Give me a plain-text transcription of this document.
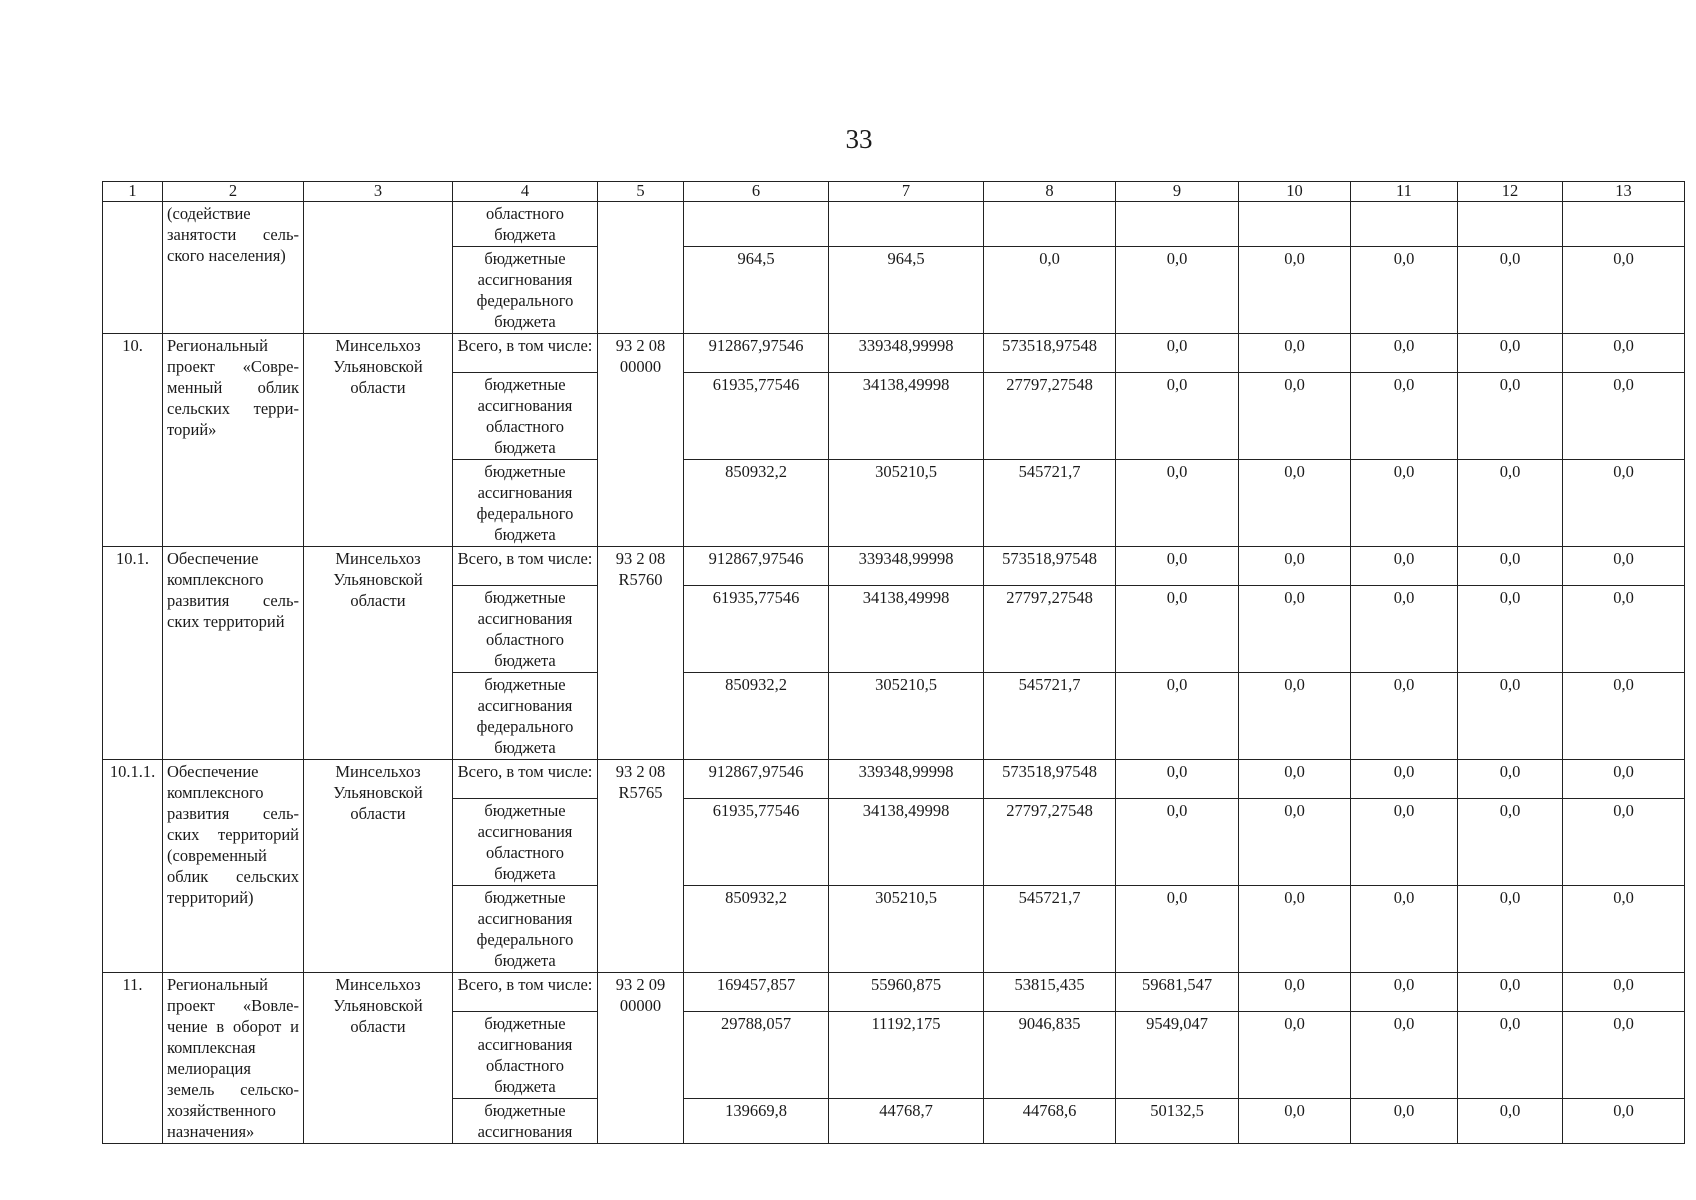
33
1	2	3	4	5	6	7	8	9	10	11	12	13
	(содействие занятости сель-ского населения)		областного бюджета									
			бюджетные ассигнования федерального бюджета		964,5	964,5	0,0	0,0	0,0	0,0	0,0	0,0
10.	Региональный проект «Совре-менный облик сельских терри-торий»	Минсельхоз Ульяновской области	Всего, в том числе:	93 2 08 00000	912867,97546	339348,99998	573518,97548	0,0	0,0	0,0	0,0	0,0
			бюджетные ассигнования областного бюджета		61935,77546	34138,49998	27797,27548	0,0	0,0	0,0	0,0	0,0
			бюджетные ассигнования федерального бюджета		850932,2	305210,5	545721,7	0,0	0,0	0,0	0,0	0,0
10.1.	Обеспечение комплексного развития сель-ских территорий	Минсельхоз Ульяновской области	Всего, в том числе:	93 2 08 R5760	912867,97546	339348,99998	573518,97548	0,0	0,0	0,0	0,0	0,0
			бюджетные ассигнования областного бюджета		61935,77546	34138,49998	27797,27548	0,0	0,0	0,0	0,0	0,0
			бюджетные ассигнования федерального бюджета		850932,2	305210,5	545721,7	0,0	0,0	0,0	0,0	0,0
10.1.1.	Обеспечение комплексного развития сель-ских территорий (современный облик сельских территорий)	Минсельхоз Ульяновской области	Всего, в том числе:	93 2 08 R5765	912867,97546	339348,99998	573518,97548	0,0	0,0	0,0	0,0	0,0
			бюджетные ассигнования областного бюджета		61935,77546	34138,49998	27797,27548	0,0	0,0	0,0	0,0	0,0
			бюджетные ассигнования федерального бюджета		850932,2	305210,5	545721,7	0,0	0,0	0,0	0,0	0,0
11.	Региональный проект «Вовле-чение в оборот и комплексная мелиорация земель сельско-хозяйственного назначения»	Минсельхоз Ульяновской области	Всего, в том числе:	93 2 09 00000	169457,857	55960,875	53815,435	59681,547	0,0	0,0	0,0	0,0
			бюджетные ассигнования областного бюджета		29788,057	11192,175	9046,835	9549,047	0,0	0,0	0,0	0,0
			бюджетные ассигнования		139669,8	44768,7	44768,6	50132,5	0,0	0,0	0,0	0,0
